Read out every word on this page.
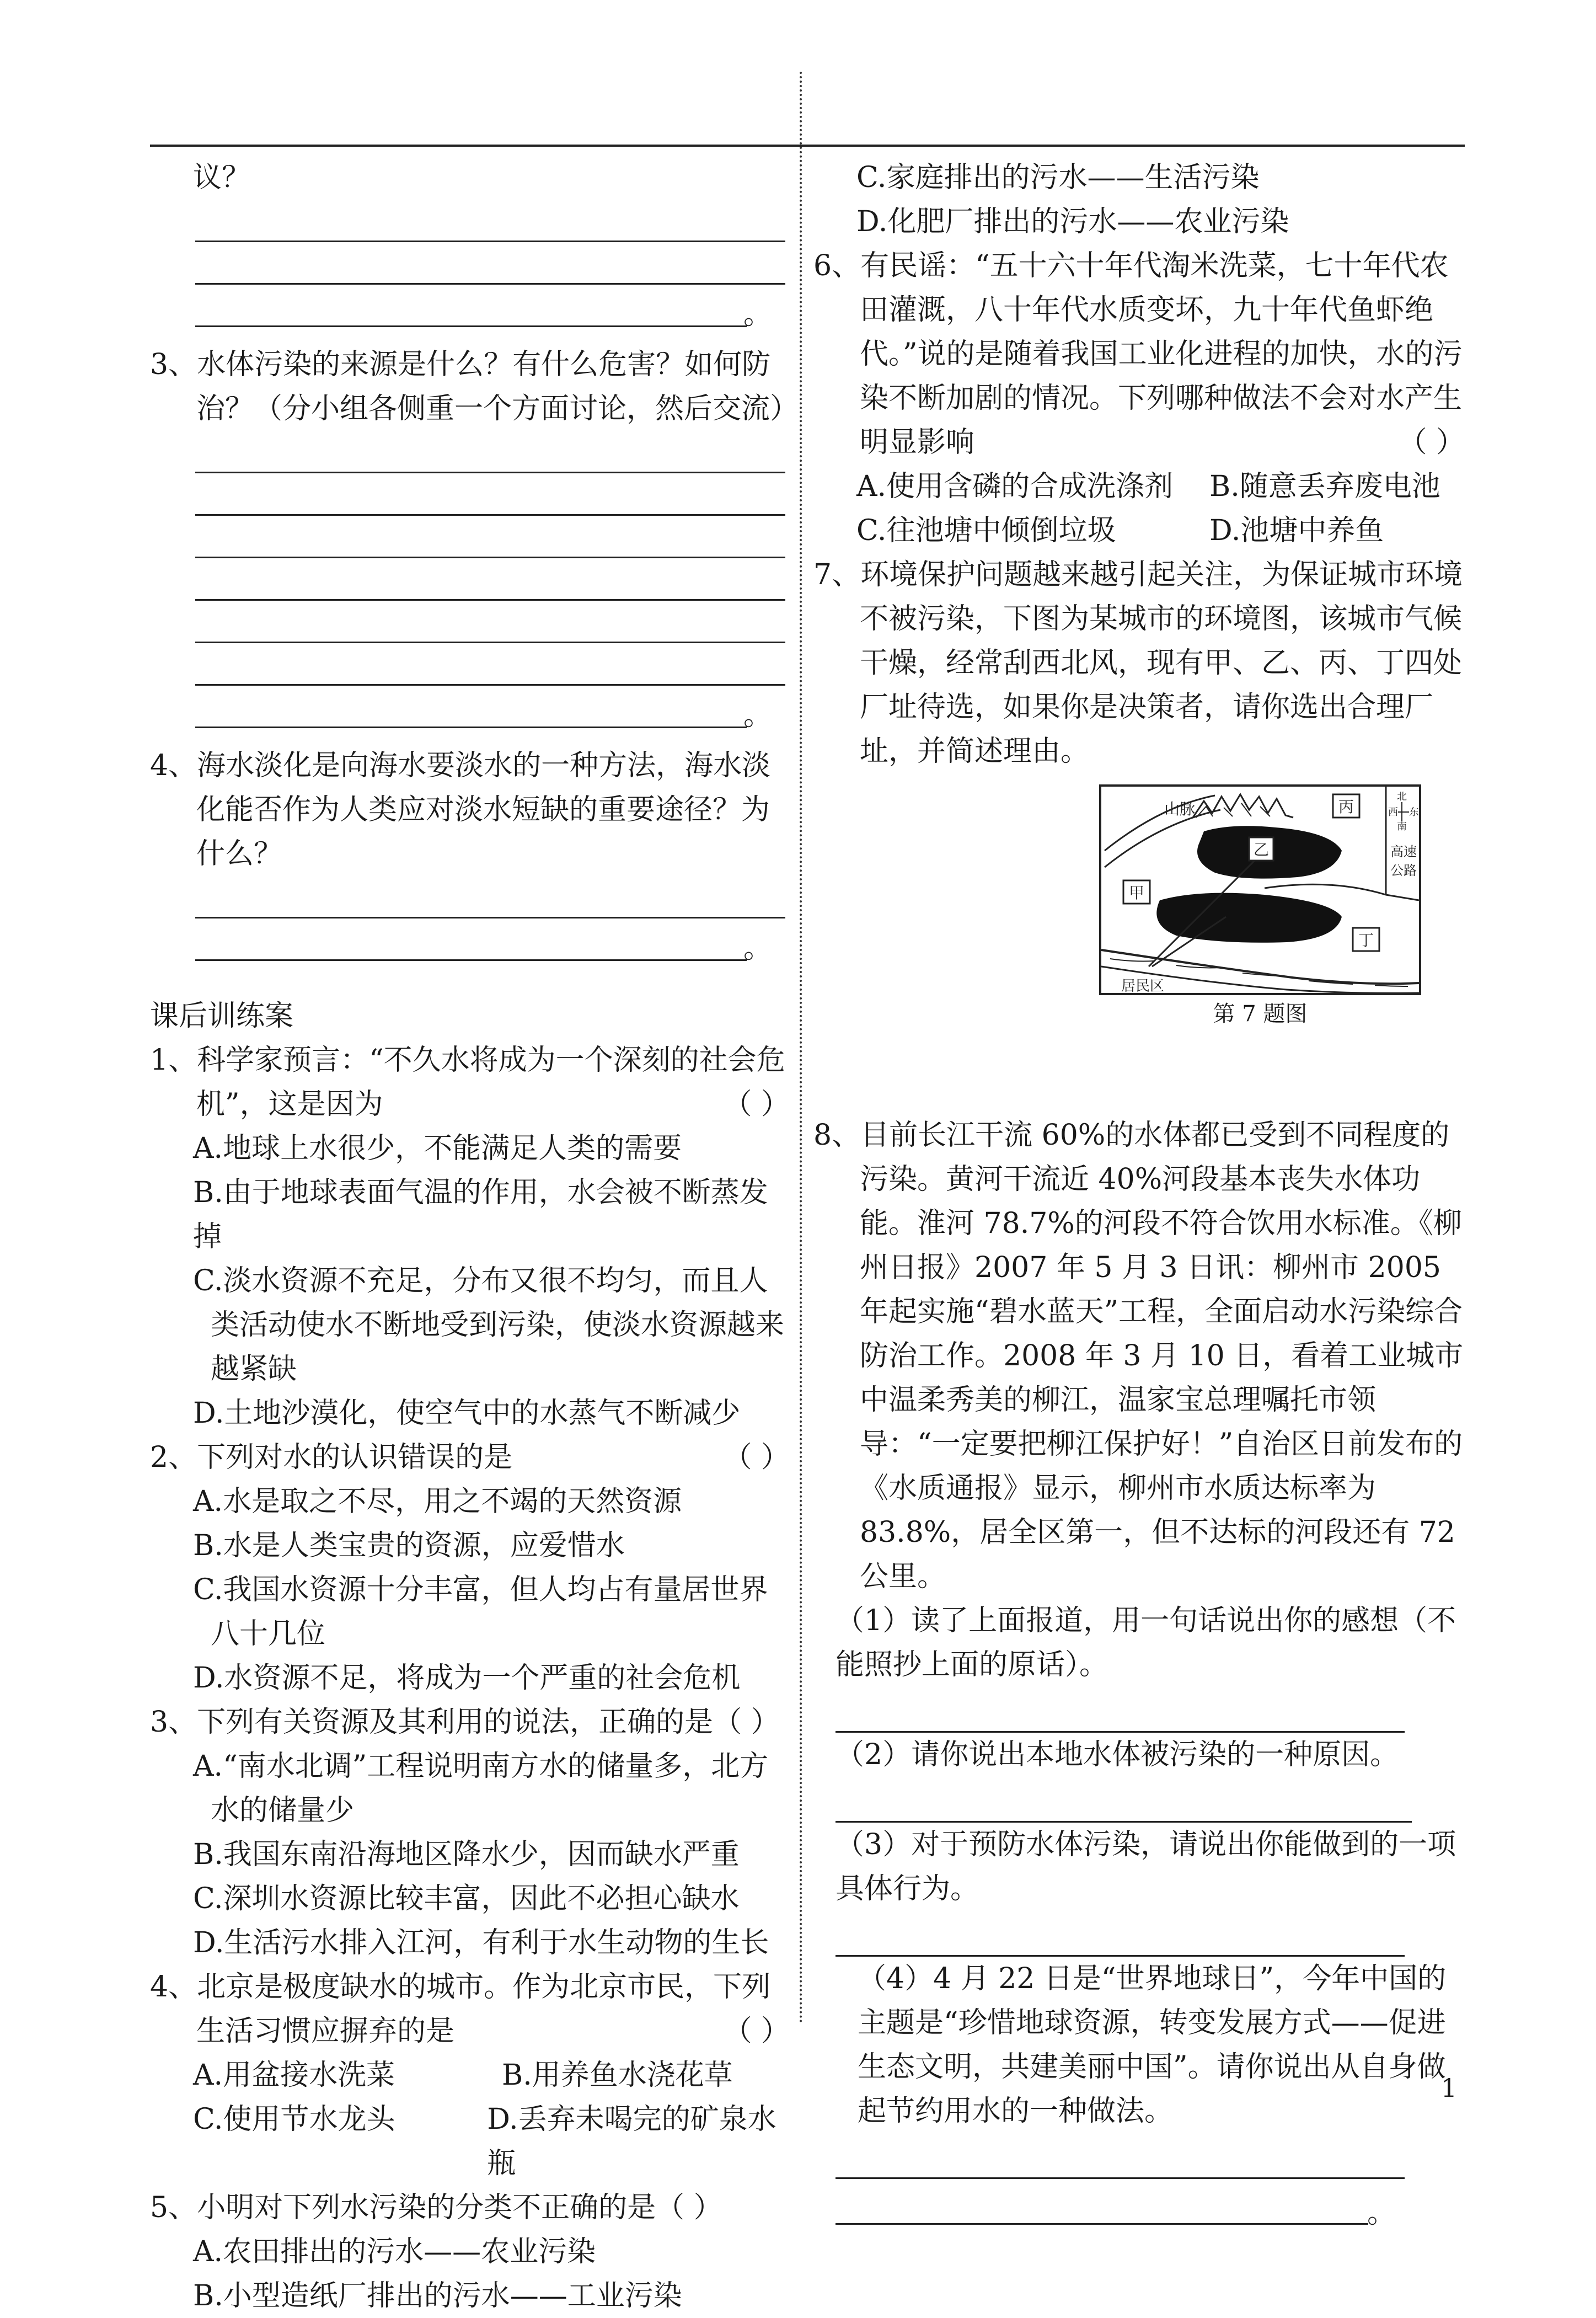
议？

。

3、水体污染的来源是什么？有什么危害？如何防治？（分小组各侧重一个方面讨论，然后交流）

。

4、海水淡化是向海水要淡水的一种方法，海水淡化能否作为人类应对淡水短缺的重要途径？为什么？

。

课后训练案

1、科学家预言：“不久水将成为一个深刻的社会危机”，这是因为	（ ）

A.地球上水很少，不能满足人类的需要

B.由于地球表面气温的作用，水会被不断蒸发掉

C.淡水资源不充足，分布又很不均匀，而且人类活动使水不断地受到污染，使淡水资源越来越紧缺

D.土地沙漠化，使空气中的水蒸气不断减少

2、下列对水的认识错误的是	（ ）

A.水是取之不尽，用之不竭的天然资源

B.水是人类宝贵的资源，应爱惜水

C.我国水资源十分丰富，但人均占有量居世界八十几位

D.水资源不足，将成为一个严重的社会危机

3、下列有关资源及其利用的说法，正确的是（ ）

A.“南水北调”工程说明南方水的储量多，北方水的储量少

B.我国东南沿海地区降水少，因而缺水严重

C.深圳水资源比较丰富，因此不必担心缺水

D.生活污水排入江河，有利于水生动物的生长

4、北京是极度缺水的城市。作为北京市民，下列生活习惯应摒弃的是	（ ）
A.用盆接水洗菜	B.用养鱼水浇花草
C.使用节水龙头	D.丢弃未喝完的矿泉水瓶

5、小明对下列水污染的分类不正确的是（ ）

A.农田排出的污水——农业污染

B.小型造纸厂排出的污水——工业污染

C.家庭排出的污水——生活污染

D.化肥厂排出的污水——农业污染

6、有民谣：“五十六十年代淘米洗菜，七十年代农田灌溉，八十年代水质变坏，九十年代鱼虾绝代。”说的是随着我国工业化进程的加快，水的污染不断加剧的情况。下列哪种做法不会对水产生明显影响	（ ）
A.使用含磷的合成洗涤剂	B.随意丢弃废电池
C.往池塘中倾倒垃圾	D.池塘中养鱼

7、环境保护问题越来越引起关注，为保证城市环境不被污染，下图为某城市的环境图，该城市气候干燥，经常刮西北风，现有甲、乙、丙、丁四处厂址待选，如果你是决策者，请你选出合理厂址，并简述理由。

山脉
居民区
乙
丙
甲
丁
高速
公路
北
西 东
南
第 7 题图

8、目前长江干流 60%的水体都已受到不同程度的污染。黄河干流近 40%河段基本丧失水体功能。淮河 78.7%的河段不符合饮用水标准。《柳州日报》2007 年 5 月 3 日讯：柳州市 2005 年起实施“碧水蓝天”工程，全面启动水污染综合防治工作。2008 年 3 月 10 日，看着工业城市中温柔秀美的柳江，温家宝总理嘱托市领导：“一定要把柳江保护好！”自治区日前发布的《水质通报》显示，柳州市水质达标率为 83.8%，居全区第一，但不达标的河段还有 72 公里。

（1）读了上面报道，用一句话说出你的感想（不能照抄上面的原话）。

（2）请你说出本地水体被污染的一种原因。

（3）对于预防水体污染，请说出你能做到的一项具体行为。

（4）4 月 22 日是“世界地球日”，今年中国的主题是“珍惜地球资源，转变发展方式——促进生态文明，共建美丽中国”。请你说出从自身做起节约用水的一种做法。

。
1
